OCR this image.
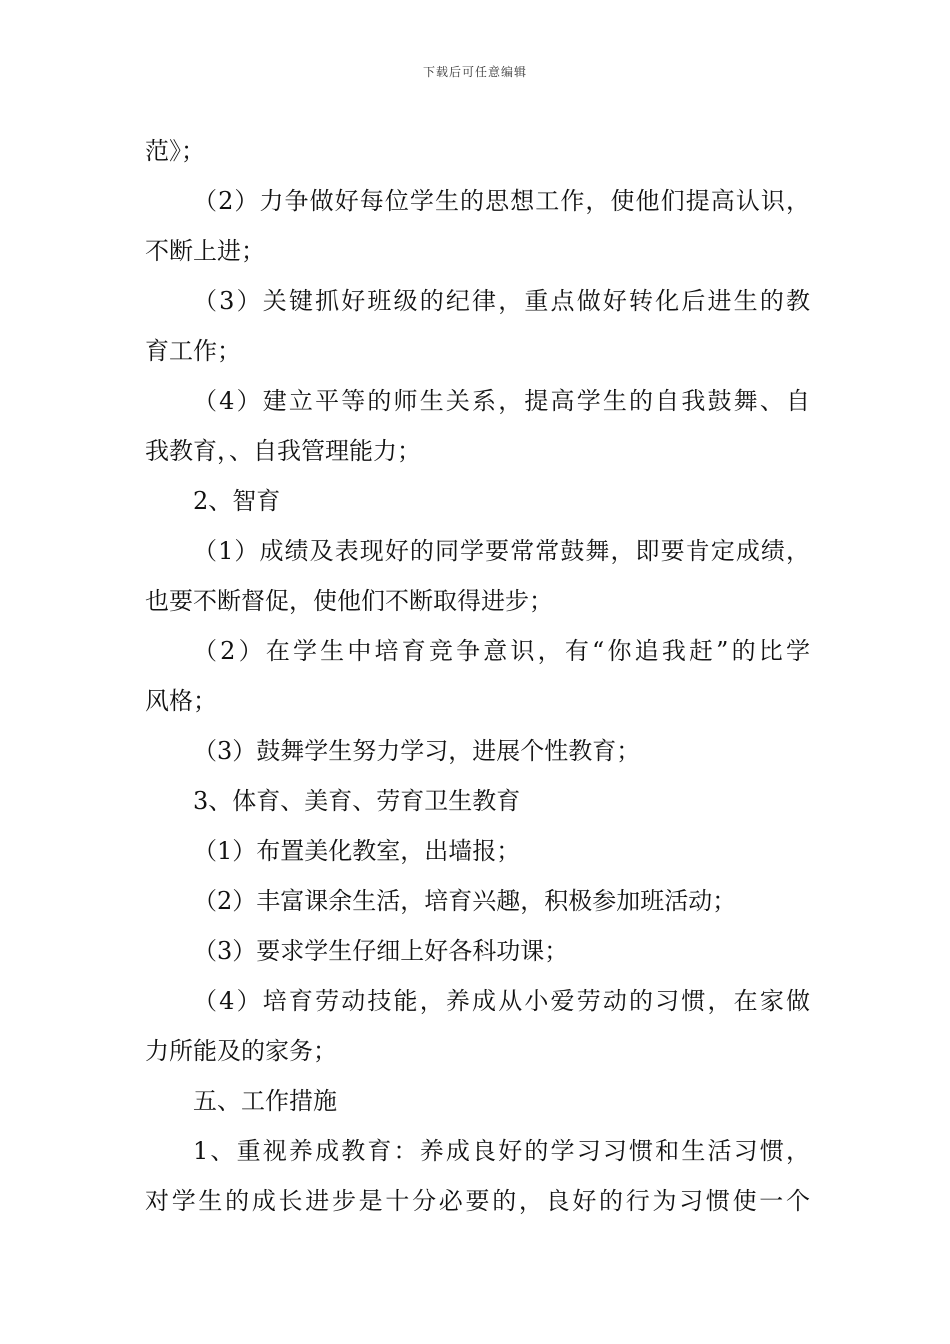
下载后可任意编辑
范》；
（2）力争做好每位学生的思想工作，使他们提高认识，
不断上进；
（3）关键抓好班级的纪律，重点做好转化后进生的教
育工作；
（4）建立平等的师生关系，提高学生的自我鼓舞、自
我教育，、自我管理能力；
2、智育
（1）成绩及表现好的同学要常常鼓舞，即要肯定成绩，
也要不断督促，使他们不断取得进步；
（2）在学生中培育竞争意识，有“你追我赶”的比学
风格；
（3）鼓舞学生努力学习，进展个性教育；
3、体育、美育、劳育卫生教育
（1）布置美化教室，出墙报；
（2）丰富课余生活，培育兴趣，积极参加班活动；
（3）要求学生仔细上好各科功课；
（4）培育劳动技能，养成从小爱劳动的习惯，在家做
力所能及的家务；
五、工作措施
1、重视养成教育：养成良好的学习习惯和生活习惯，
对学生的成长进步是十分必要的，良好的行为习惯使一个
